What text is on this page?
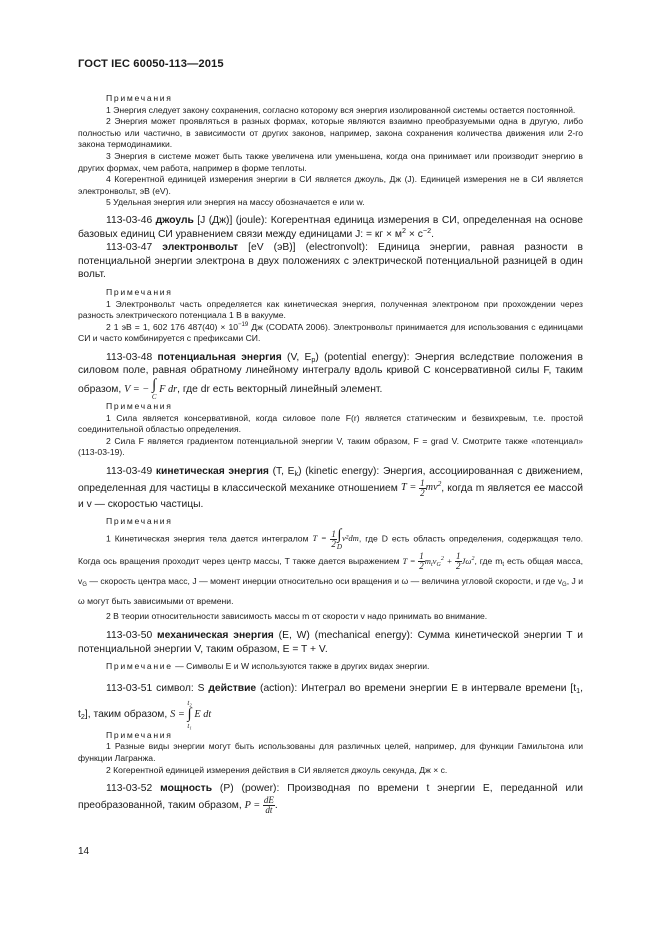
ГОСТ IEC 60050-113—2015

Примечания

1 Энергия следует закону сохранения, согласно которому вся энергия изолированной системы остается постоянной.

2 Энергия может проявляться в разных формах, которые являются взаимно преобразуемыми одна в другую, либо полностью или частично, в зависимости от других законов, например, закона сохранения количества движения или 2-го закона термодинамики.

3 Энергия в системе может быть также увеличена или уменьшена, когда она принимает или производит энергию в других формах, чем работа, например в форме теплоты.

4 Когерентной единицей измерения энергии в СИ является джоуль, Дж (J). Единицей измерения не в СИ является электронвольт, эВ (eV).

5 Удельная энергия или энергия на массу обозначается e или w.

113-03-46 джоуль [J (Дж)] (joule): Когерентная единица измерения в СИ, определенная на основе базовых единиц СИ уравнением связи между единицами J: = кг × $м^2 \times с^{-2}$.

113-03-47 электронвольт [eV (эВ)] (electronvolt): Единица энергии, равная разности в потенциальной энергии электрона в двух положениях с электрической потенциальной разницей в один вольт.

Примечания

1 Электронвольт часть определяется как кинетическая энергия, полученная электроном при прохождении через разность электрического потенциала 1 В в вакууме.

2 1 эВ = 1, 602 176 $487(40) \times 10^{-19}$ Дж (CODATA 2006). Электронвольт принимается для использования с единицами СИ и часто комбинируется с префиксами СИ.

113-03-48 потенциальная энергия (V, $E_p$) (potential energy): Энергия вследствие положения в силовом поле, равная обратному линейному интегралу вдоль кривой C консервативной силы F, таким образом, V = − ∫
C
F dr, где dr есть векторный линейный элемент.

Примечания

1 Сила является консервативной, когда силовое поле F(r) является статическим и безвихревым, т.е. простой соединительной областью определения.

2 Сила F является градиентом потенциальной энергии V, таким образом, F = grad V. Смотрите также «потенциал» (113-03-19).

113-03-49 кинетическая энергия (T, $E_k$) (kinetic energy): Энергия, ассоциированная с движением, определенная для частицы в классической механике отношением $T = \frac{1}{2} mv^2$, когда m является ее массой и v — скоростью частицы.

Примечания

1 Кинетическая энергия тела дается интегралом $T = \frac{1}{2}$ ∫
D
v²dm, где D есть область определения, содержащая тело. Когда ось вращения проходит через центр массы, T также дается выражением $T = \frac{1}{2} m_tv_G^2 + \frac{1}{2} J\omega^2$, где $m_t$ есть общая масса, $v_G$ — скорость центра масс, J — момент инерции относительно оси вращения и ω — величина угловой скорости, и где $v_G$, J и ω могут быть зависимыми от времени.

2 В теории относительности зависимость массы m от скорости v надо принимать во внимание.

113-03-50 механическая энергия (E, W) (mechanical energy): Сумма кинетической энергии T и потенциальной энергии V, таким образом, E = T + V.

Примечание — Символы E и W используются также в других видах энергии.

113-03-51 символ: S действие (action): Интеграл во времени энергии E в интервале времени [$t_1$, $t_2$], таким образом, S =
t₂
∫
t₁
E dt

Примечания

1 Разные виды энергии могут быть использованы для различных целей, например, для функции Гамильтона или функции Лагранжа.

2 Когерентной единицей измерения действия в СИ является джоуль секунда, Дж × с.

113-03-52 мощность (P) (power): Производная по времени t энергии E, переданной или преобразованной, таким образом, $P = \frac{dE}{dt}$ .

14
